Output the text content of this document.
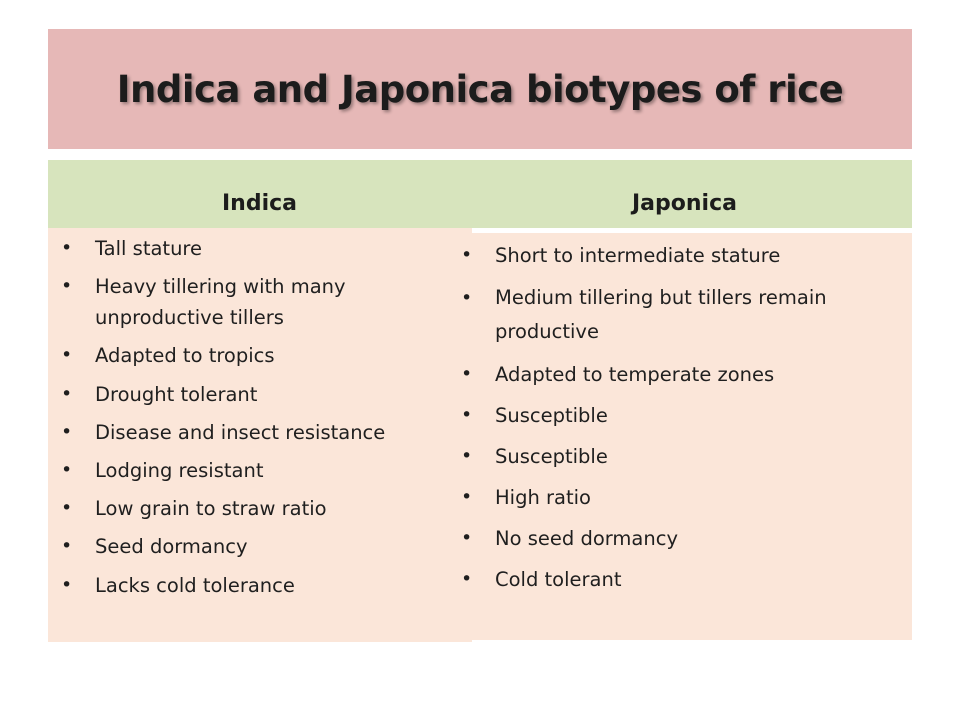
Indica and Japonica biotypes of rice
Indica	Japonica
• Tall stature
• Heavy tillering with many unproductive tillers
• Adapted to tropics
• Drought tolerant
• Disease and insect resistance
• Lodging resistant
• Low grain to straw ratio
• Seed dormancy
• Lacks cold tolerance
• Short to intermediate stature
• Medium tillering but tillers remain productive
• Adapted to temperate zones
• Susceptible
• Susceptible
• High ratio
• No seed dormancy
• Cold tolerant
